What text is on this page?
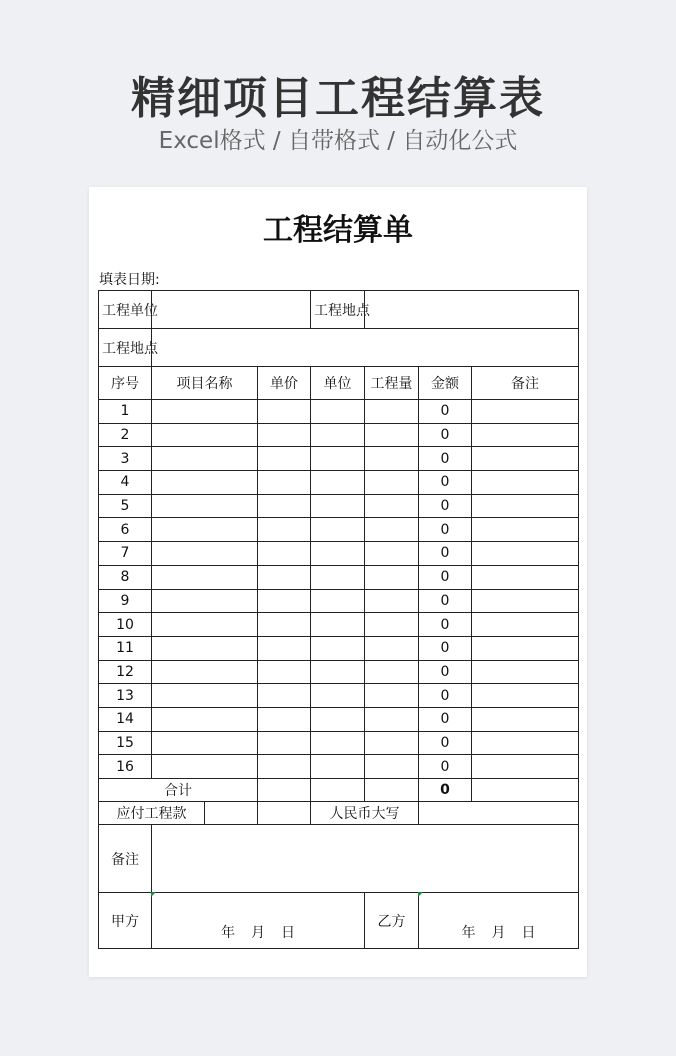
精细项目工程结算表

Excel格式 / 自带格式 / 自动化公式

工程结算单
填表日期:
工程单位				工程地点			
工程地点							
序号	项目名称		单价	单位	工程量	金额	备注
1						0	
2						0	
3						0	
4						0	
5						0	
6						0	
7						0	
8						0	
9						0	
10						0	
11						0	
12						0	
13						0	
14						0	
15						0	
16						0	
合计						0	
应付工程款				人民币大写			
备注							
甲方	年 月 日				乙方	年 月 日	
